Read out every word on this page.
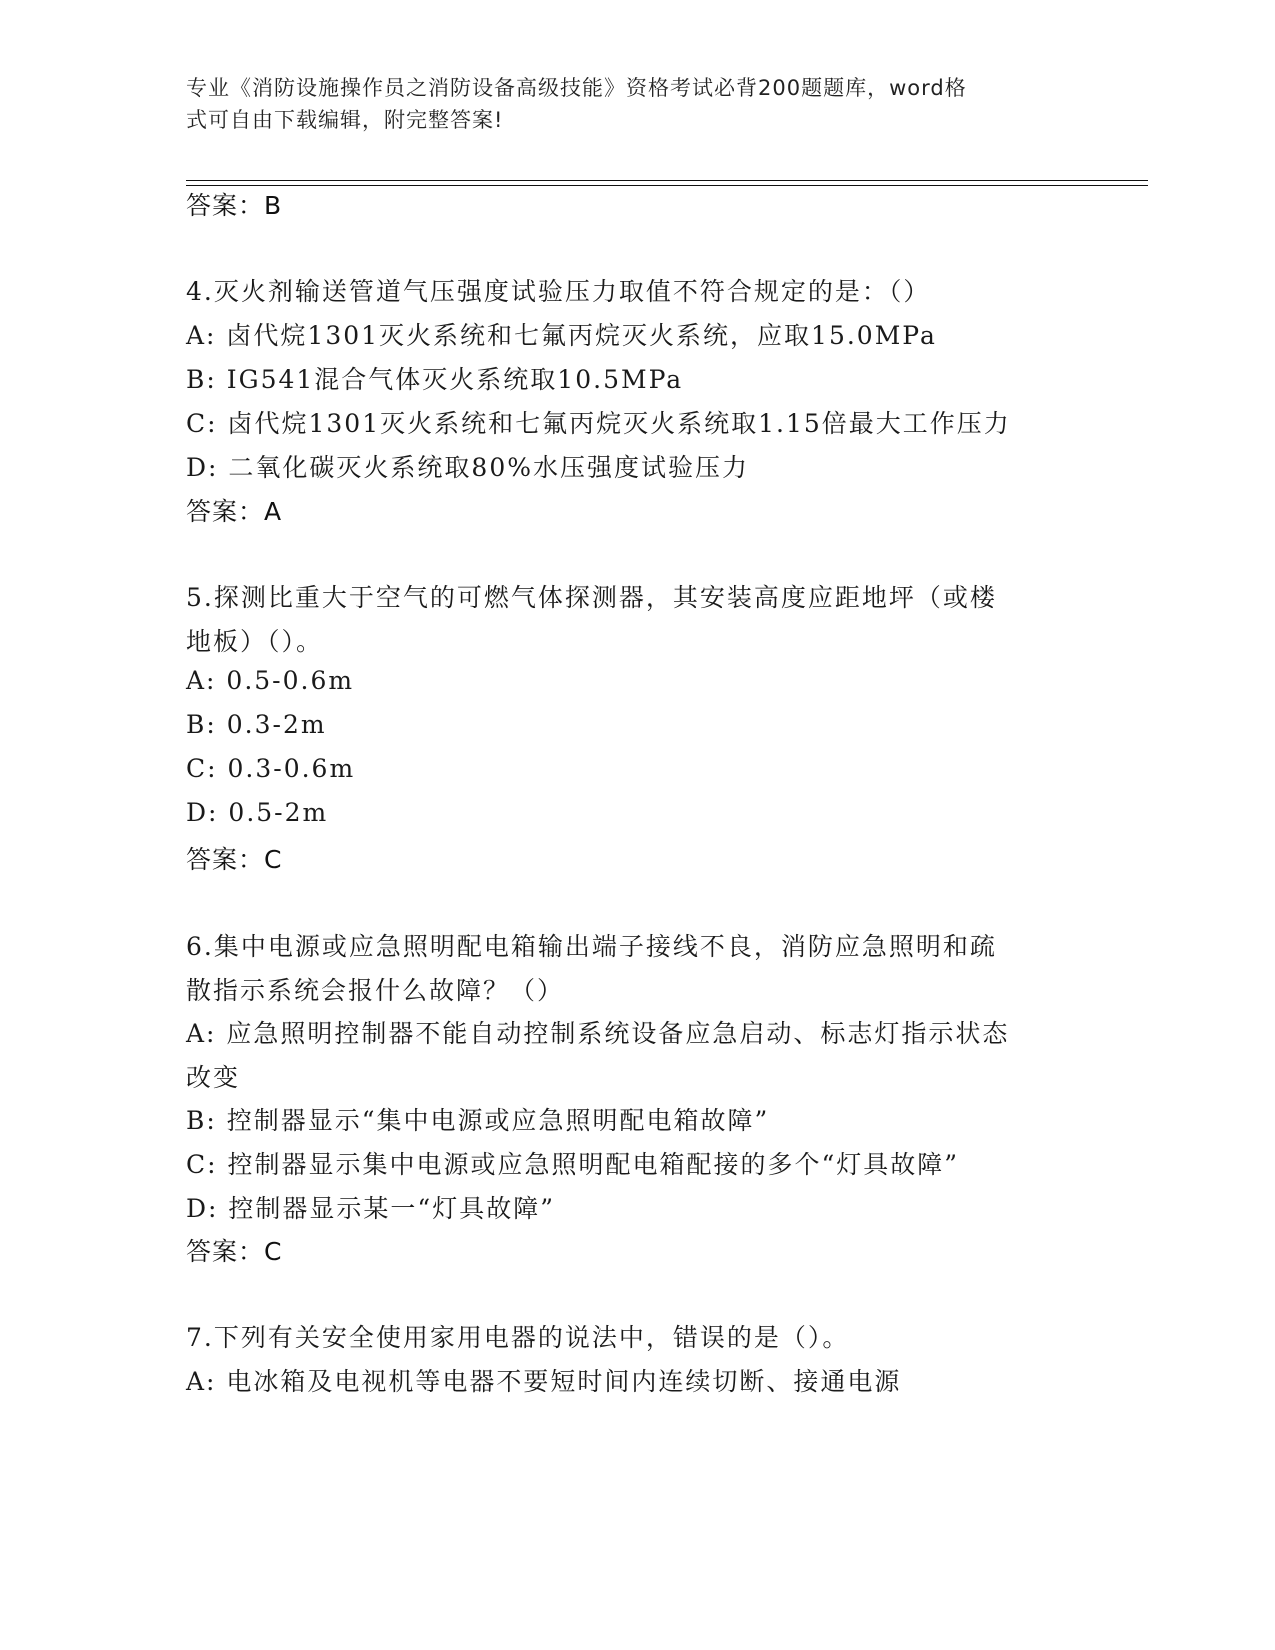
专业《消防设施操作员之消防设备高级技能》资格考试必背200题题库，word格
式可自由下载编辑，附完整答案!
答案：B
4.灭火剂输送管道气压强度试验压力取值不符合规定的是：（）
A: 卤代烷1301灭火系统和七氟丙烷灭火系统，应取15.0MPa
B: IG541混合气体灭火系统取10.5MPa
C: 卤代烷1301灭火系统和七氟丙烷灭火系统取1.15倍最大工作压力
D: 二氧化碳灭火系统取80%水压强度试验压力
答案：A
5.探测比重大于空气的可燃气体探测器，其安装高度应距地坪（或楼
地板）（）。
A: 0.5-0.6m
B: 0.3-2m
C: 0.3-0.6m
D: 0.5-2m
答案：C
6.集中电源或应急照明配电箱输出端子接线不良，消防应急照明和疏
散指示系统会报什么故障？（）
A: 应急照明控制器不能自动控制系统设备应急启动、标志灯指示状态
改变
B: 控制器显示“集中电源或应急照明配电箱故障”
C: 控制器显示集中电源或应急照明配电箱配接的多个“灯具故障”
D: 控制器显示某一“灯具故障”
答案：C
7.下列有关安全使用家用电器的说法中，错误的是（）。
A: 电冰箱及电视机等电器不要短时间内连续切断、接通电源
